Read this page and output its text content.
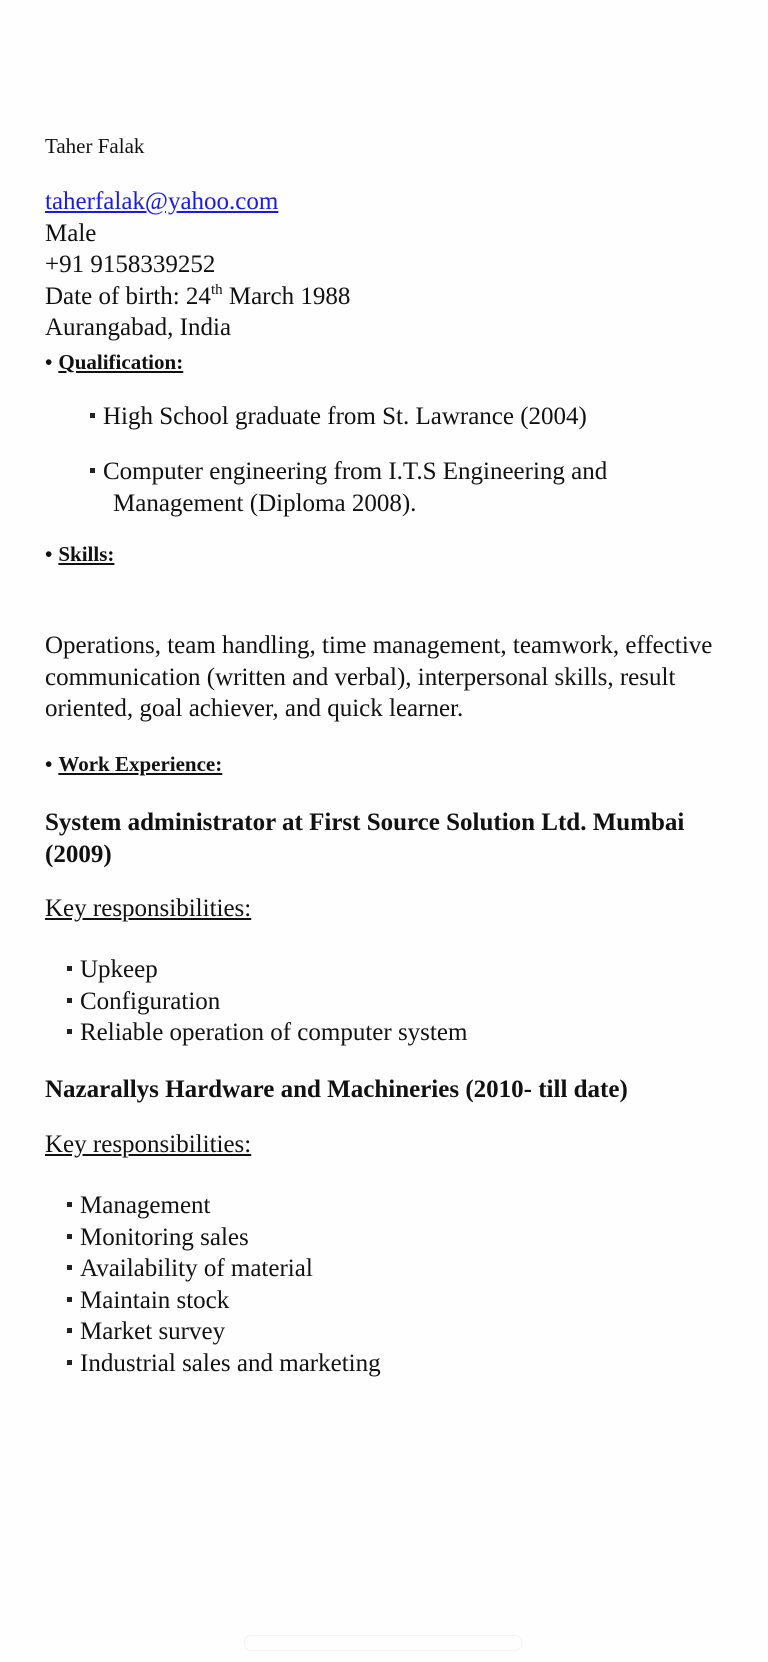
Taher Falak
taherfalak@yahoo.com
Male
+91 9158339252
Date of birth: 24th March 1988
Aurangabad, India
• Qualification:
High School graduate from St. Lawrance (2004)
Computer engineering from I.T.S Engineering and
Management (Diploma 2008).
• Skills:
Operations, team handling, time management, teamwork, effective communication (written and verbal), interpersonal skills, result oriented, goal achiever, and quick learner.
• Work Experience:
System administrator at First Source Solution Ltd. Mumbai (2009)
Key responsibilities:
Upkeep
Configuration
Reliable operation of computer system
Nazarallys Hardware and Machineries (2010- till date)
Key responsibilities:
Management
Monitoring sales
Availability of material
Maintain stock
Market survey
Industrial sales and marketing
